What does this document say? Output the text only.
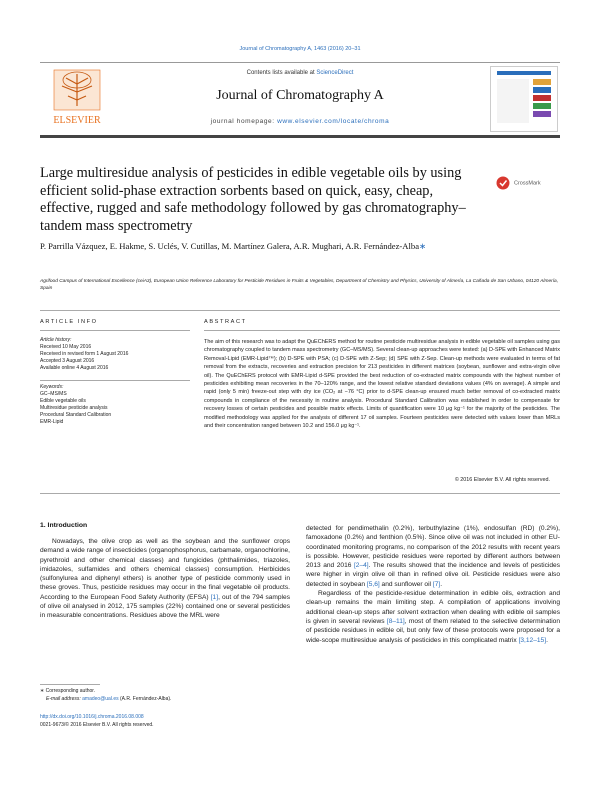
Journal of Chromatography A, 1463 (2016) 20–31
ELSEVIER
Contents lists available at ScienceDirect
Journal of Chromatography A
journal homepage: www.elsevier.com/locate/chroma
Large multiresidue analysis of pesticides in edible vegetable oils by using efficient solid-phase extraction sorbents based on quick, easy, cheap, effective, rugged and safe methodology followed by gas chromatography–tandem mass spectrometry
CrossMark
P. Parrilla Vázquez, E. Hakme, S. Uclés, V. Cutillas, M. Martínez Galera, A.R. Mughari, A.R. Fernández-Alba∗
Agrifood Campus of International Excellence (ceiA3), European Union Reference Laboratory for Pesticide Residues in Fruits & Vegetables, Department of Chemistry and Physics, University of Almería, La Cañada de San Urbano, 04120 Almería, Spain
ARTICLE INFO	ABSTRACT
Article history:
Received 10 May 2016
Received in revised form 1 August 2016
Accepted 3 August 2016
Available online 4 August 2016
Keywords:
GC–MS/MS
Edible vegetable oils
Multiresidue pesticide analysis
Procedural Standard Calibration
EMR-Lipid
The aim of this research was to adapt the QuEChERS method for routine pesticide multiresidue analysis in edible vegetable oil samples using gas chromatography coupled to tandem mass spectrometry (GC–MS/MS). Several clean-up approaches were tested: (a) D-SPE with Enhanced Matrix Removal-Lipid (EMR-Lipid™); (b) D-SPE with PSA; (c) D-SPE with Z-Sep; (d) SPE with Z-Sep. Clean-up methods were evaluated in terms of fat removal from the extracts, recoveries and extraction precision for 213 pesticides in different matrices (soybean, sunflower and extra-virgin olive oil). The QuEChERS protocol with EMR-Lipid d-SPE provided the best reduction of co-extracted matrix compounds with the highest number of pesticides exhibiting mean recoveries in the 70–120% range, and the lowest relative standard deviations values (4% on average). A simple and rapid (only 5 min) freeze-out step with dry ice (CO₂ at −76 °C) prior to d-SPE clean-up ensured much better removal of co-extracted matrix compounds in compliance of the necessity in routine analysis. Procedural Standard Calibration was established in order to compensate for recovery losses of certain pesticides and possible matrix effects. Limits of quantification were 10 μg kg⁻¹ for the majority of the pesticides. The modified methodology was applied for the analysis of different 17 oil samples. Fourteen pesticides were detected with values lower than MRLs and their concentration ranged between 10.2 and 156.0 μg kg⁻¹.
© 2016 Elsevier B.V. All rights reserved.
1. Introduction

Nowadays, the olive crop as well as the soybean and the sunflower crops demand a wide range of insecticides (organophosphorus, carbamate, organochlorine, pyrethroid and other chemical classes) and fungicides (phthalimides, triazoles, imidazoles, sulfamides and others chemical classes) consumption. Herbicides (sulfonylurea and diphenyl ethers) is another type of pesticide commonly used in these groves. Thus, pesticide residues may occur in the final vegetable oil products. According to the European Food Safety Authority (EFSA) [1], out of the 794 samples of olive oil analysed in 2012, 175 samples (22%) contained one or several pesticides in measurable concentrations. Residues above the MRL were

detected for pendimethalin (0.2%), terbuthylazine (1%), endosulfan (RD) (0.2%), famoxadone (0.2%) and fenthion (0.5%). Since olive oil was not included in other EU-coordinated monitoring programs, no comparison of the 2012 results with recent years is possible. However, pesticide residues were reported by different authors between 2013 and 2016 [2–4]. The results showed that the incidence and levels of pesticides were higher in virgin olive oil than in refined olive oil. Pesticide residues were also detected in soybean [5,6] and sunflower oil [7].

Regardless of the pesticide-residue determination in edible oils, extraction and clean-up remains the main limiting step. A compilation of applications involving additional clean-up steps after solvent extraction when dealing with edible oil samples is given in several reviews [8–11], most of them related to the selective determination of pesticide residues in edible oil, but only few of these protocols were proposed for a wide-scope multiresidue analysis of pesticides in this complicated matrix [3,12–15].

∗ Corresponding author.
E-mail address: amadeo@ual.es (A.R. Fernández-Alba).
http://dx.doi.org/10.1016/j.chroma.2016.08.008
0021-9673/© 2016 Elsevier B.V. All rights reserved.
